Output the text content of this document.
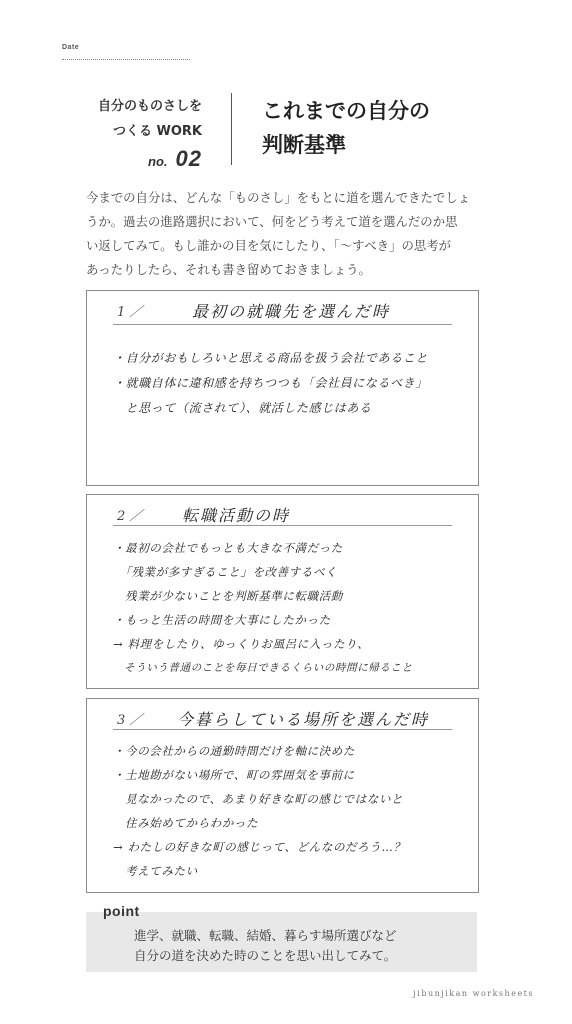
Date
自分のものさしを
つくる WORK
no. 02
これまでの自分の
判断基準
今までの自分は、どんな「ものさし」をもとに道を選んできたでしょ
うか。過去の進路選択において、何をどう考えて道を選んだのか思
い返してみて。もし誰かの目を気にしたり、「〜すべき」の思考が
あったりしたら、それも書き留めておきましょう。
1 ／	最初の就職先を選んだ時
・自分がおもしろいと思える商品を扱う会社であること
・就職自体に違和感を持ちつつも「会社員になるべき」
　と思って（流されて）、就活した感じはある
2 ／ 転職活動の時
・最初の会社でもっとも大きな不満だった
　「残業が多すぎること」を改善するべく
　残業が少ないことを判断基準に転職活動
・もっと生活の時間を大事にしたかった
→ 料理をしたり、ゆっくりお風呂に入ったり、
　そういう普通のことを毎日できるくらいの時間に帰ること
3 ／ 今暮らしている場所を選んだ時
・今の会社からの通勤時間だけを軸に決めた
・土地勘がない場所で、町の雰囲気を事前に
　見なかったので、あまり好きな町の感じではないと
　住み始めてからわかった
→ わたしの好きな町の感じって、どんなのだろう…？
　考えてみたい
進学、就職、転職、結婚、暮らす場所選びなど
自分の道を決めた時のことを思い出してみて。
point
jibunjikan worksheets
